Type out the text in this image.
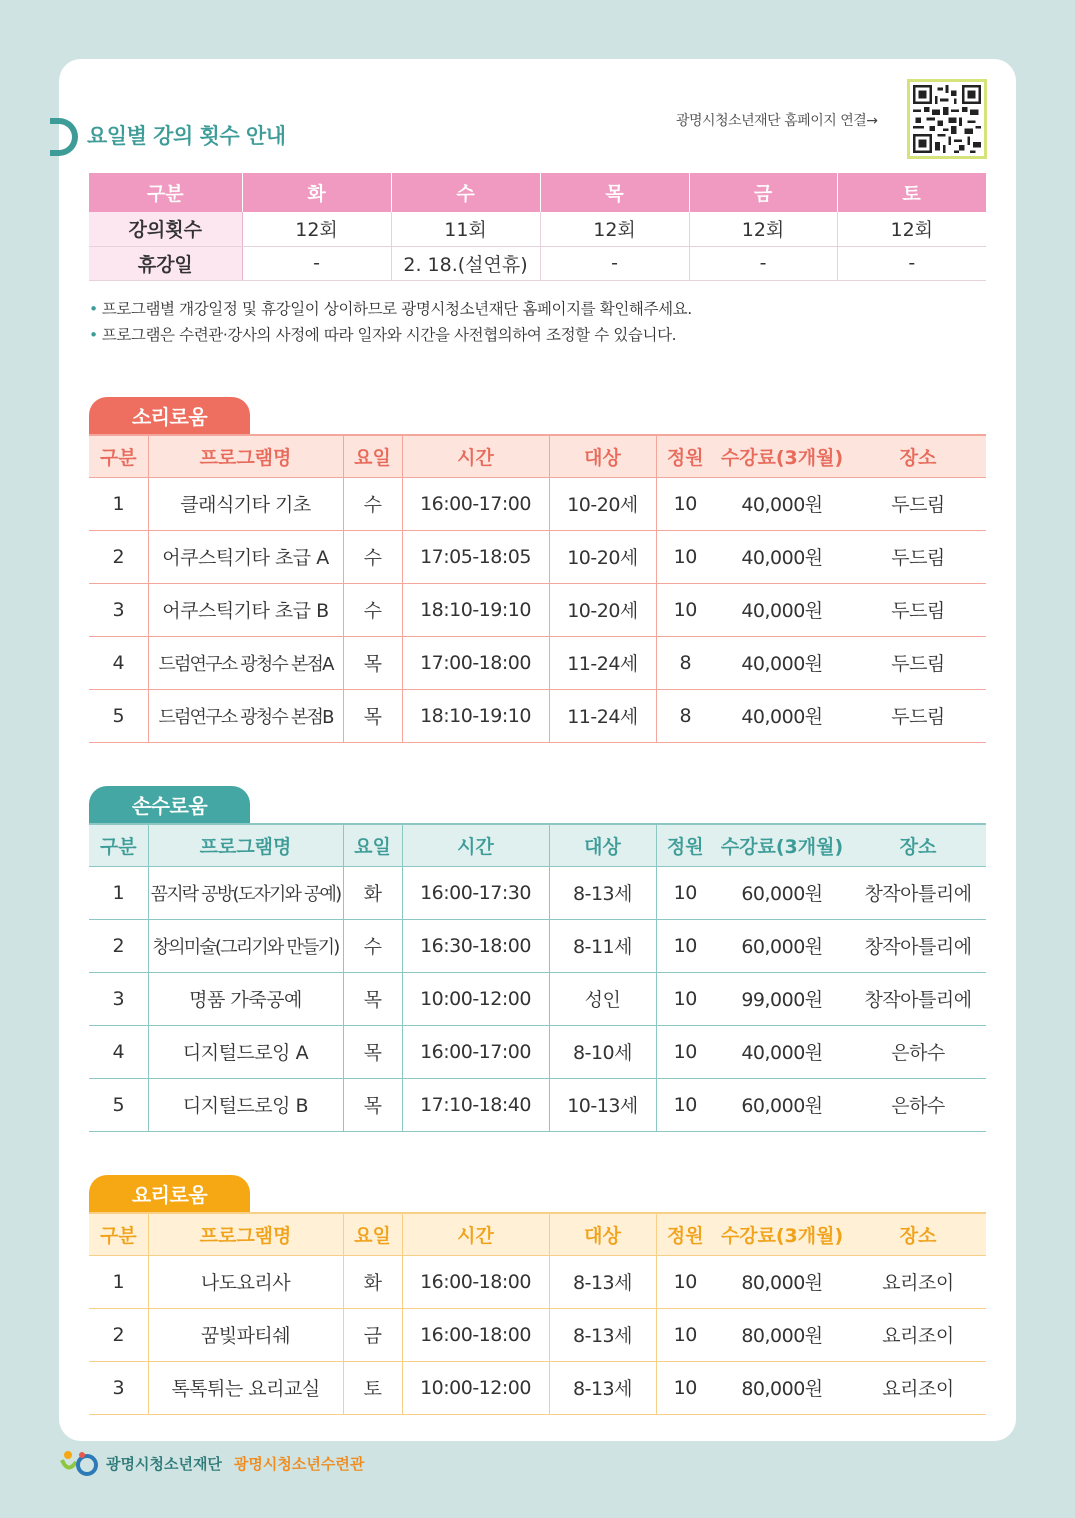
요일별 강의 횟수 안내
광명시청소년재단 홈페이지 연결→
구분	화	수	목	금	토
강의횟수	12회	11회	12회	12회	12회
휴강일	-	2. 18.(설연휴)	-	-	-
• 프로그램별 개강일정 및 휴강일이 상이하므로 광명시청소년재단 홈페이지를 확인해주세요.
• 프로그램은 수련관·강사의 사정에 따라 일자와 시간을 사전협의하여 조정할 수 있습니다.
소리로움
구분	프로그램명	요일	시간	대상	정원	수강료(3개월)	장소
1	클래식기타 기초	수	16:00-17:00	10-20세	10	40,000원	두드림
2	어쿠스틱기타 초급 A	수	17:05-18:05	10-20세	10	40,000원	두드림
3	어쿠스틱기타 초급 B	수	18:10-19:10	10-20세	10	40,000원	두드림
4	드럼연구소 광청수 본점A	목	17:00-18:00	11-24세	8	40,000원	두드림
5	드럼연구소 광청수 본점B	목	18:10-19:10	11-24세	8	40,000원	두드림
손수로움
구분	프로그램명	요일	시간	대상	정원	수강료(3개월)	장소
1	꼼지락 공방(도자기와 공예)	화	16:00-17:30	8-13세	10	60,000원	창작아틀리에
2	창의미술(그리기와 만들기)	수	16:30-18:00	8-11세	10	60,000원	창작아틀리에
3	명품 가죽공예	목	10:00-12:00	성인	10	99,000원	창작아틀리에
4	디지털드로잉 A	목	16:00-17:00	8-10세	10	40,000원	은하수
5	디지털드로잉 B	목	17:10-18:40	10-13세	10	60,000원	은하수
요리로움
구분	프로그램명	요일	시간	대상	정원	수강료(3개월)	장소
1	나도요리사	화	16:00-18:00	8-13세	10	80,000원	요리조이
2	꿈빛파티쉐	금	16:00-18:00	8-13세	10	80,000원	요리조이
3	톡톡튀는 요리교실	토	10:00-12:00	8-13세	10	80,000원	요리조이
광명시청소년재단 광명시청소년수련관
